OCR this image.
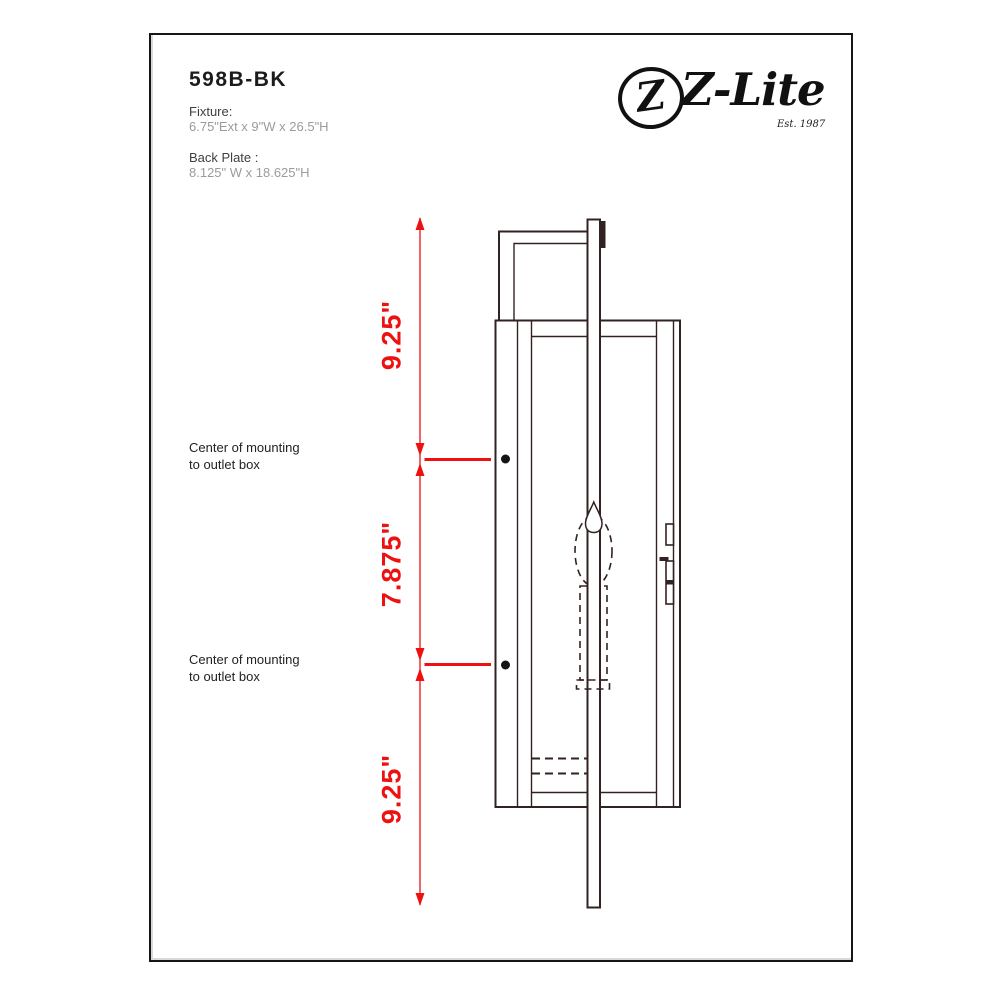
598B-BK
Fixture:
6.75"Ext x 9"W x 26.5"H
Back Plate :
8.125" W x 18.625"H
Z Z-Lite
Est. 1987
9.25"
7.875"
9.25"
Center of mounting
to outlet box
Center of mounting
to outlet box
